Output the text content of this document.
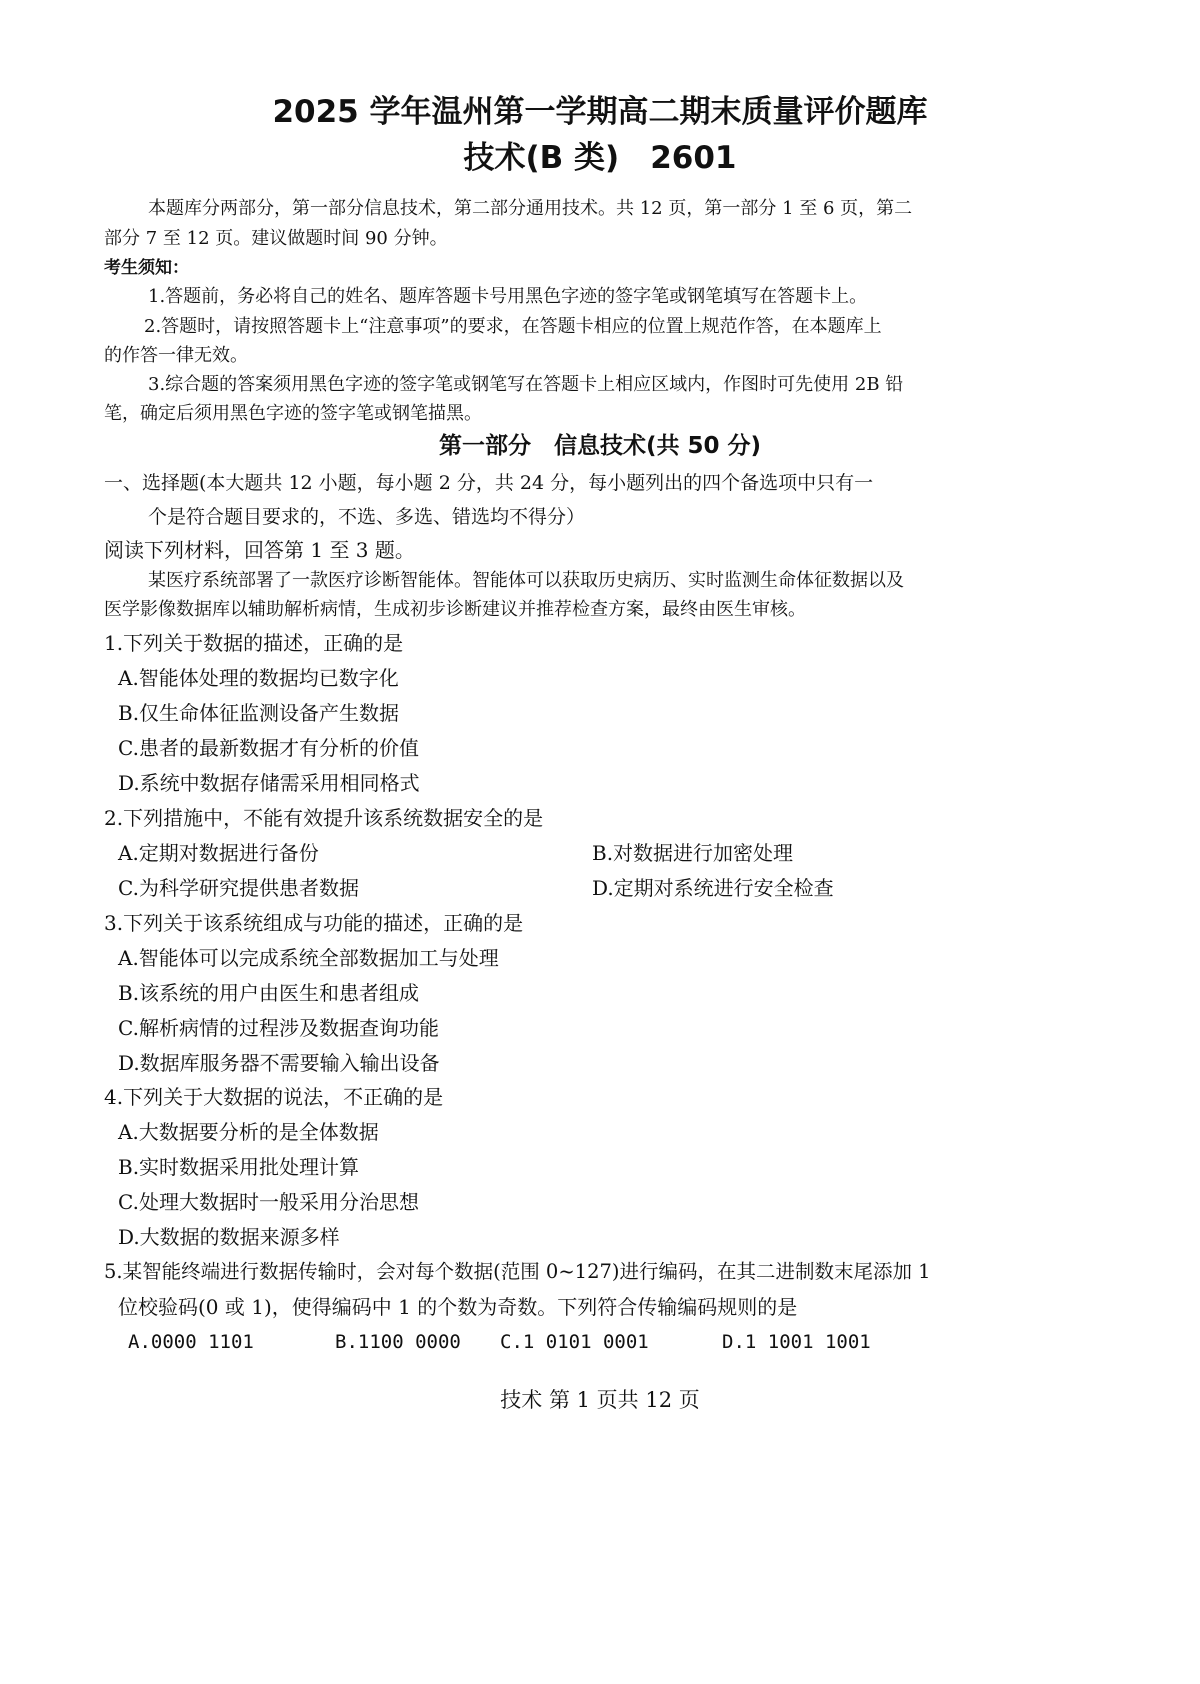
2025 学年温州第一学期高二期末质量评价题库
技术(B 类)　2601
本题库分两部分，第一部分信息技术，第二部分通用技术。共 12 页，第一部分 1 至 6 页，第二
部分 7 至 12 页。建议做题时间 90 分钟。
考生须知：
1.答题前，务必将自己的姓名、题库答题卡号用黑色字迹的签字笔或钢笔填写在答题卡上。
2.答题时，请按照答题卡上“注意事项”的要求，在答题卡相应的位置上规范作答，在本题库上
的作答一律无效。
3.综合题的答案须用黑色字迹的签字笔或钢笔写在答题卡上相应区域内，作图时可先使用 2B 铅
笔，确定后须用黑色字迹的签字笔或钢笔描黑。
第一部分　信息技术(共 50 分)
一、选择题(本大题共 12 小题，每小题 2 分，共 24 分，每小题列出的四个备选项中只有一
个是符合题目要求的，不选、多选、错选均不得分）
阅读下列材料，回答第 1 至 3 题。
某医疗系统部署了一款医疗诊断智能体。智能体可以获取历史病历、实时监测生命体征数据以及
医学影像数据库以辅助解析病情，生成初步诊断建议并推荐检查方案，最终由医生审核。
1.下列关于数据的描述，正确的是
A.智能体处理的数据均已数字化
B.仅生命体征监测设备产生数据
C.患者的最新数据才有分析的价值
D.系统中数据存储需采用相同格式
2.下列措施中，不能有效提升该系统数据安全的是
A.定期对数据进行备份	B.对数据进行加密处理
C.为科学研究提供患者数据	D.定期对系统进行安全检查
3.下列关于该系统组成与功能的描述，正确的是
A.智能体可以完成系统全部数据加工与处理
B.该系统的用户由医生和患者组成
C.解析病情的过程涉及数据查询功能
D.数据库服务器不需要输入输出设备
4.下列关于大数据的说法，不正确的是
A.大数据要分析的是全体数据
B.实时数据采用批处理计算
C.处理大数据时一般采用分治思想
D.大数据的数据来源多样
5.某智能终端进行数据传输时，会对每个数据(范围 0~127)进行编码，在其二进制数末尾添加 1
位校验码(0 或 1)，使得编码中 1 的个数为奇数。下列符合传输编码规则的是
A.0000 1101	B.1100 0000 C.1 0101 0001	D.1 1001 1001
技术 第 1 页共 12 页
